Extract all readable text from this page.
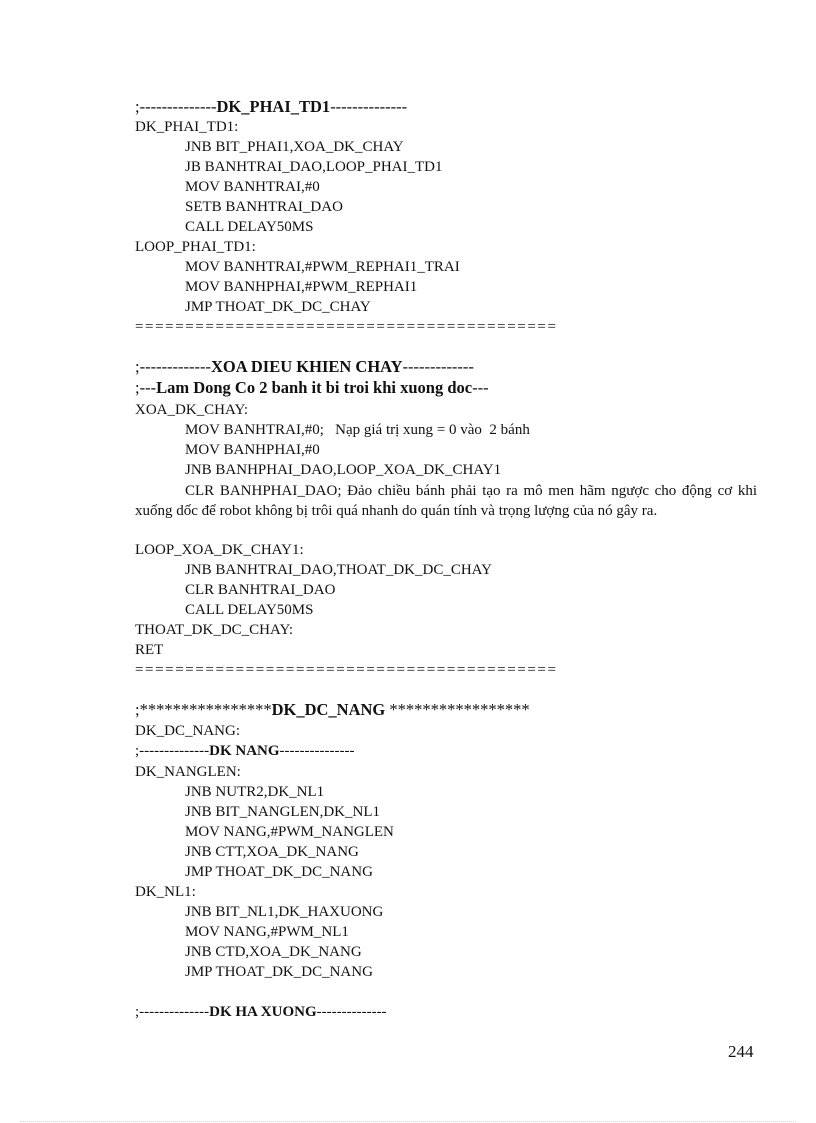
;--------------DK_PHAI_TD1--------------
DK_PHAI_TD1:
JNB BIT_PHAI1,XOA_DK_CHAY
JB BANHTRAI_DAO,LOOP_PHAI_TD1
MOV BANHTRAI,#0
SETB BANHTRAI_DAO
CALL DELAY50MS
LOOP_PHAI_TD1:
MOV BANHTRAI,#PWM_REPHAI1_TRAI
MOV BANHPHAI,#PWM_REPHAI1
JMP THOAT_DK_DC_CHAY
==========================================
;-------------XOA DIEU KHIEN CHAY-------------
;---Lam Dong Co 2 banh it bi troi khi xuong doc---
XOA_DK_CHAY:
MOV BANHTRAI,#0;   Nạp giá trị xung = 0 vào  2 bánh
MOV BANHPHAI,#0
JNB BANHPHAI_DAO,LOOP_XOA_DK_CHAY1
CLR BANHPHAI_DAO; Đảo chiều bánh phải tạo ra mô men hãm ngược cho động cơ khi xuống dốc để robot không bị trôi quá nhanh do quán tính và trọng lượng của nó gây ra.
LOOP_XOA_DK_CHAY1:
JNB BANHTRAI_DAO,THOAT_DK_DC_CHAY
CLR BANHTRAI_DAO
CALL DELAY50MS
THOAT_DK_DC_CHAY:
RET
==========================================
;****************DK_DC_NANG *****************
DK_DC_NANG:
;--------------DK NANG---------------
DK_NANGLEN:
JNB NUTR2,DK_NL1
JNB BIT_NANGLEN,DK_NL1
MOV NANG,#PWM_NANGLEN
JNB CTT,XOA_DK_NANG
JMP THOAT_DK_DC_NANG
DK_NL1:
JNB BIT_NL1,DK_HAXUONG
MOV NANG,#PWM_NL1
JNB CTD,XOA_DK_NANG
JMP THOAT_DK_DC_NANG
;--------------DK HA XUONG--------------
244
